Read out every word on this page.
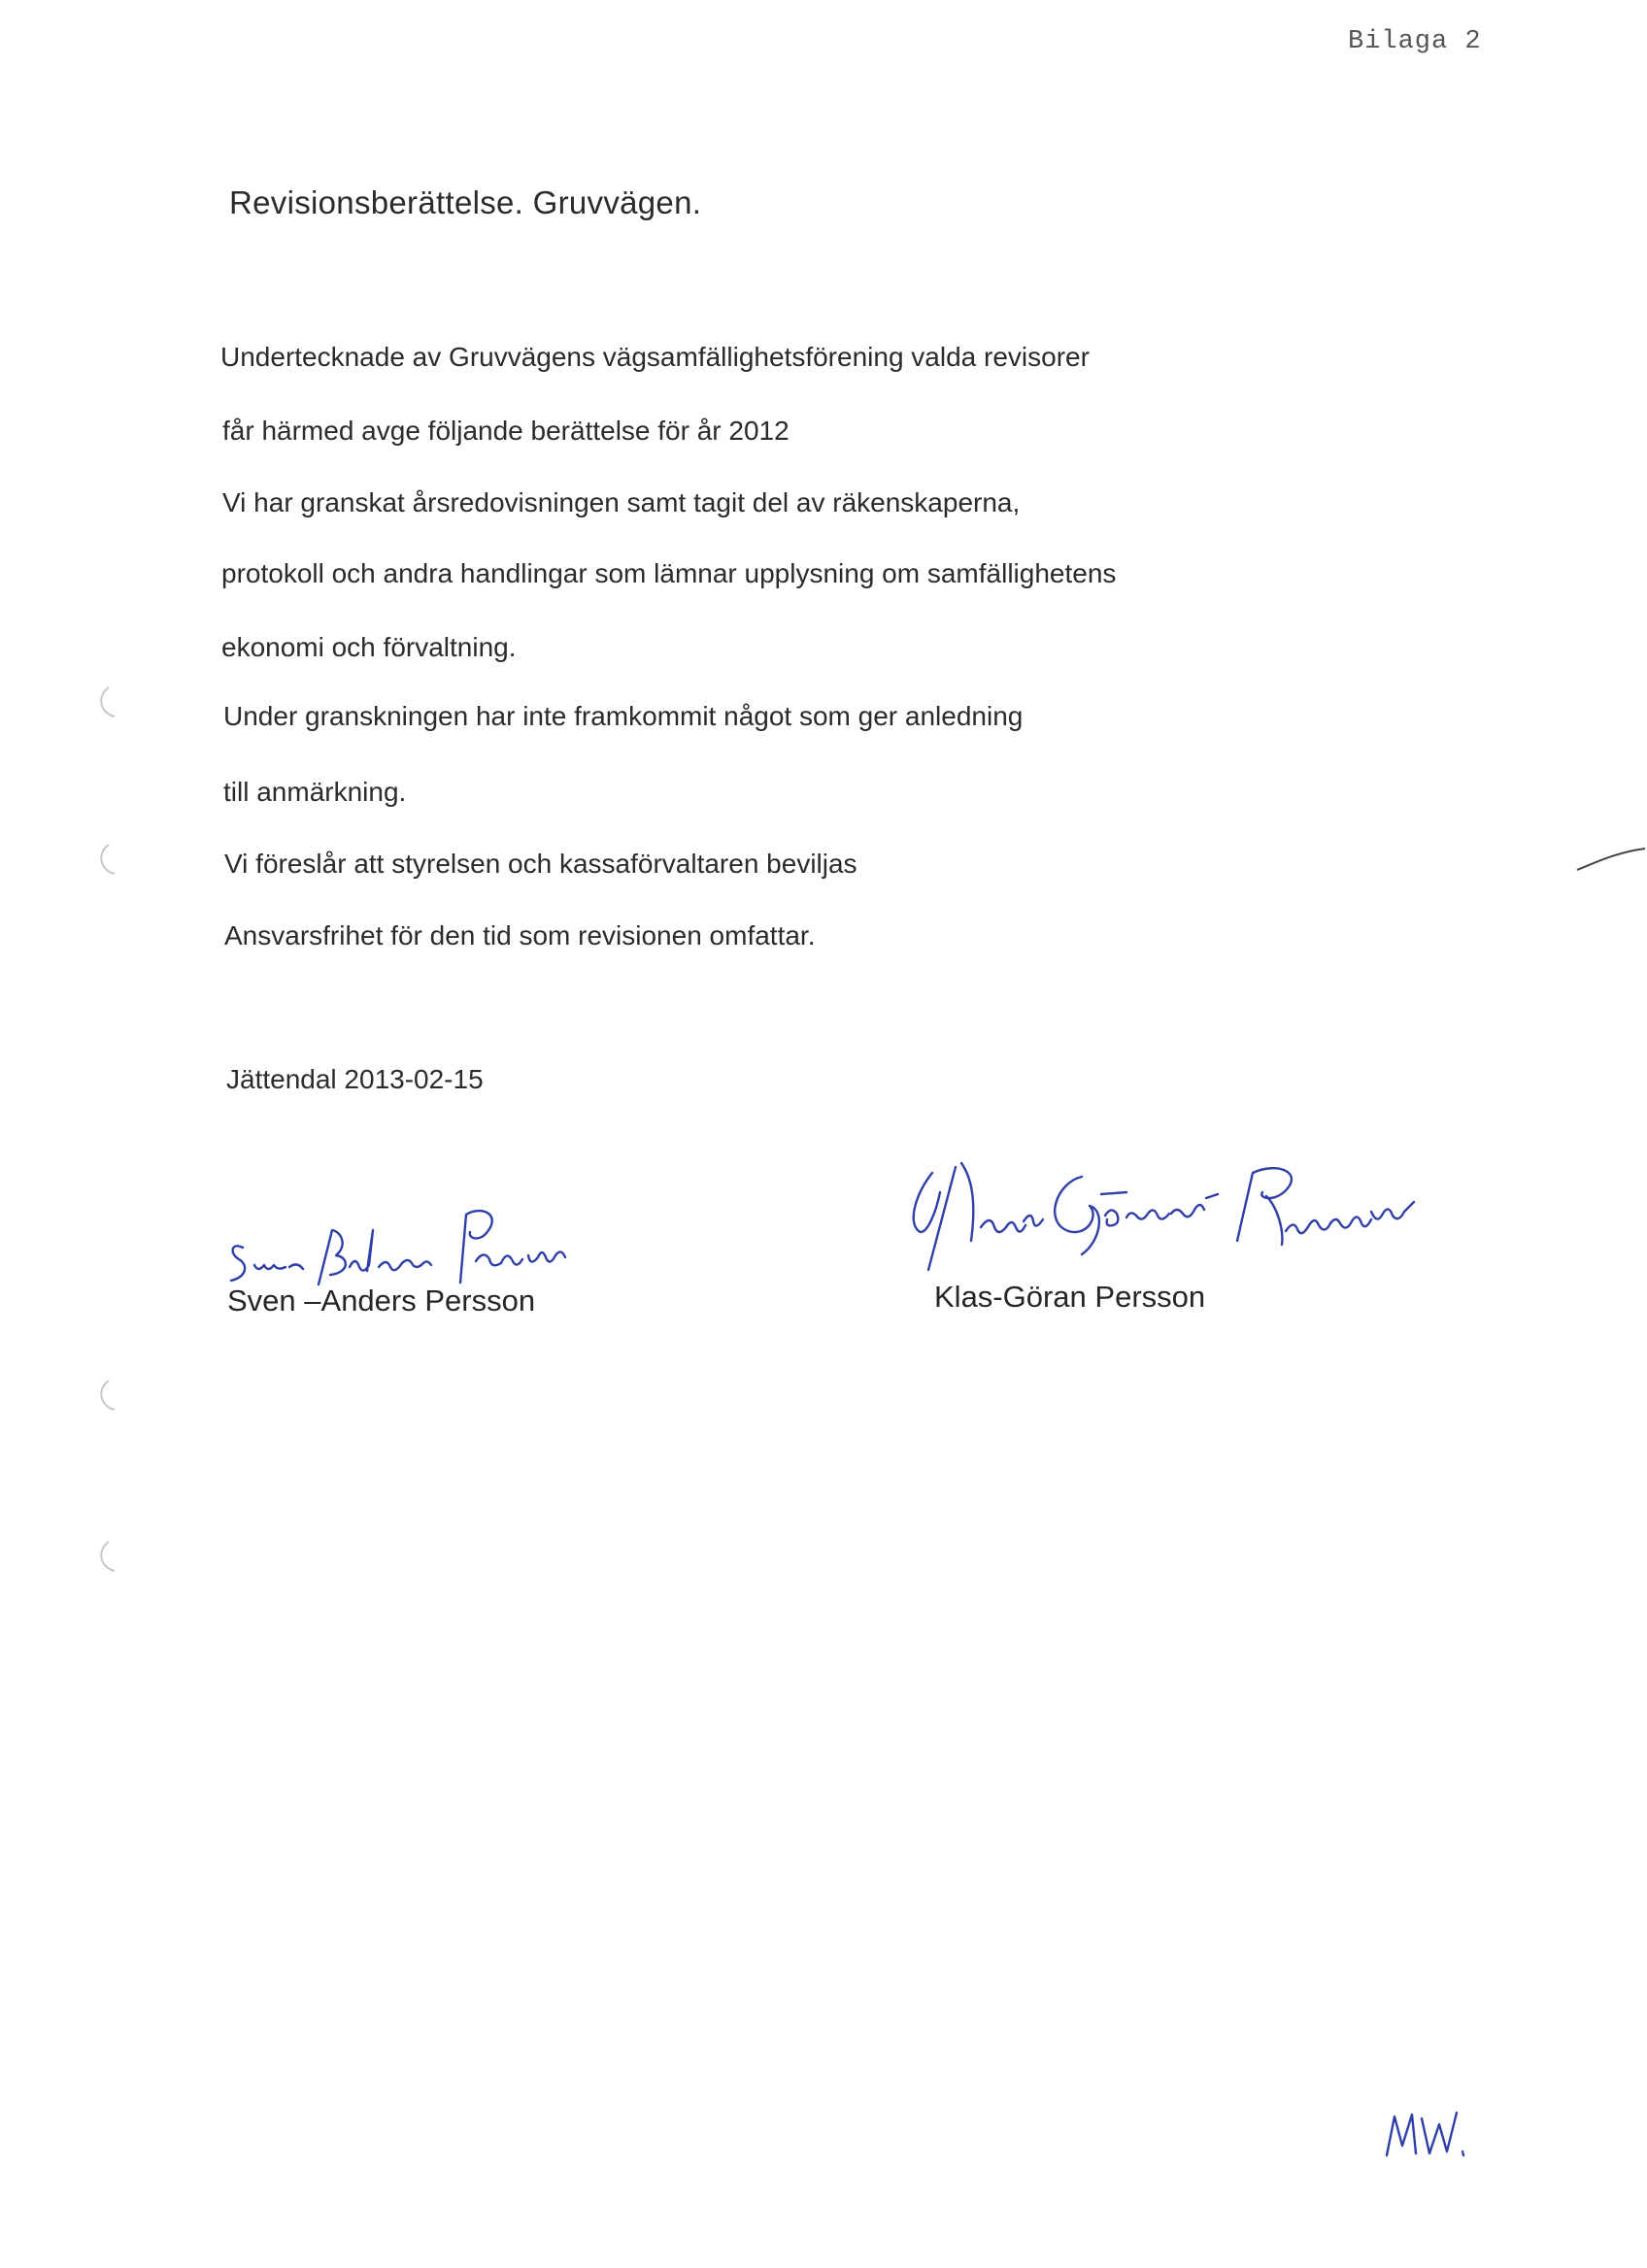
Bilaga 2
Revisionsberättelse. Gruvvägen.
Undertecknade av Gruvvägens vägsamfällighetsförening valda revisorer
får härmed avge följande berättelse för år 2012
Vi har granskat årsredovisningen samt tagit del av räkenskaperna,
protokoll och andra handlingar som lämnar upplysning om samfällighetens
ekonomi och förvaltning.
Under granskningen har inte framkommit något som ger anledning
till anmärkning.
Vi föreslår att styrelsen och kassaförvaltaren beviljas
Ansvarsfrihet för den tid som revisionen omfattar.
Jättendal 2013-02-15
Sven –Anders Persson	Klas-Göran Persson
